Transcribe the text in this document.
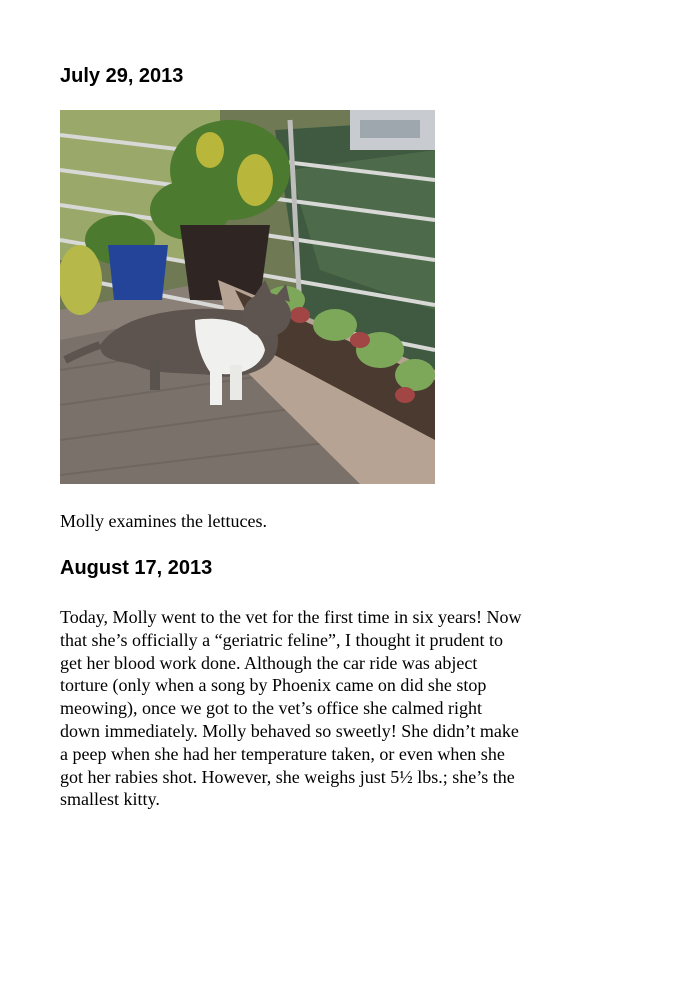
July 29, 2013

Molly examines the lettuces.

August 17, 2013

Today, Molly went to the vet for the first time in six years! Now
that she’s officially a “geriatric feline”, I thought it prudent to
get her blood work done. Although the car ride was abject
torture (only when a song by Phoenix came on did she stop
meowing), once we got to the vet’s office she calmed right
down immediately. Molly behaved so sweetly! She didn’t make
a peep when she had her temperature taken, or even when she
got her rabies shot. However, she weighs just 5½ lbs.; she’s the
smallest kitty.
